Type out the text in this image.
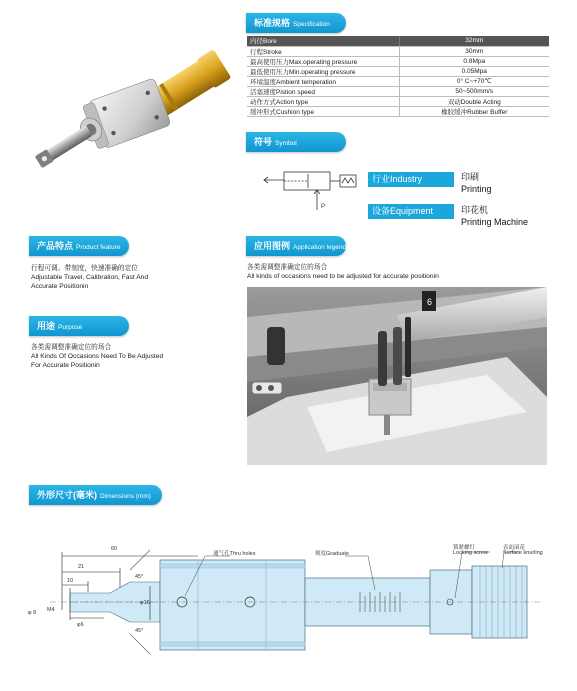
标准规格 Specification
内径Bore	32mm
行程Stroke	30mm
最高使用压力Max.operating pressure	0.8Mpa
最低使用压力Min.operating pressure	0.05Mpa
环境温度Ambient temperation	0° C~+70℃
活塞速度Pistion speed	50~500mm/s
动作方式Action type	双动Double Acting
缓冲形式Cushion type	橡胶缓冲Rubber Buffer
符号 Symbol
P
行业Industry	印刷
Printing
设备Equipment	印花机
Printing Machine
产品特点 Product feature
行程可调。带刻度，快速准确的定位
Adjustable Travel, Calibration, Fast And
Accurate Positionin
用途 Purpose
各类需调整准确定位的场合
All Kinds Of Occasions Need To Be Adjusted
For Accurate Positionin
应用图例 Application legend
各类需调整准确定位的场合
All kinds of occasions need to be adjusted for accurate positionin
6
外形尺寸(毫米) Dimensions (mm)
60
21
10
45°
45°
φ16
M4
φ6
φ 8
通气孔Thru holes	刻度Graduate
锁紧螺钉
Locking screw
表面滚花
Surface knurling
